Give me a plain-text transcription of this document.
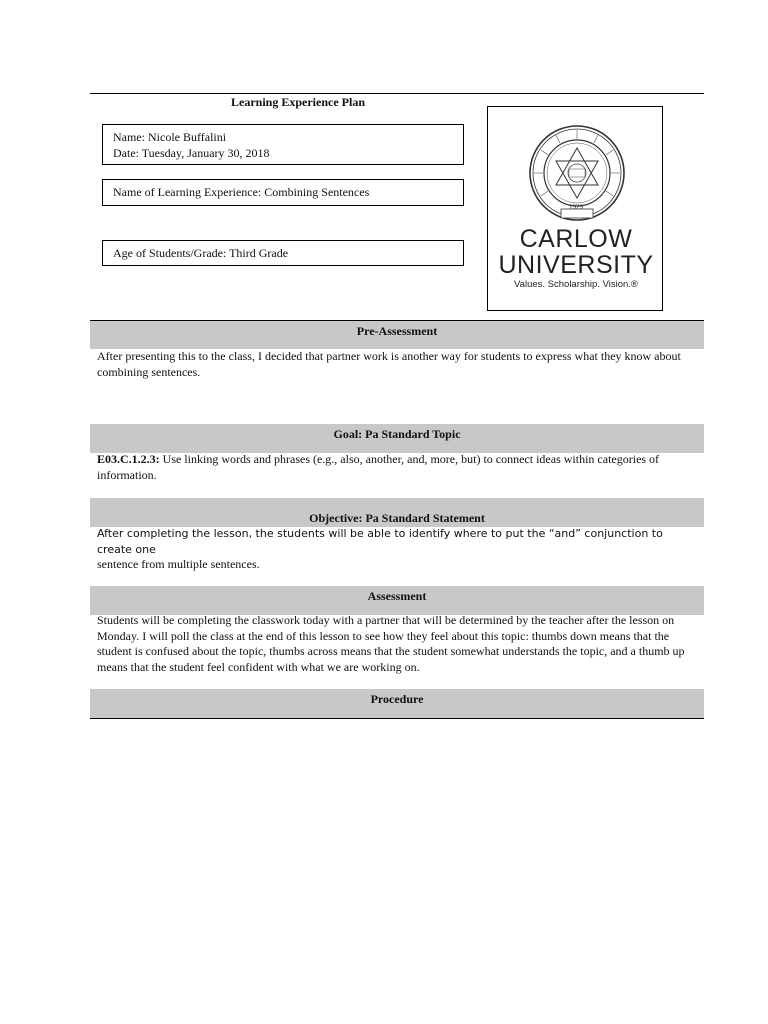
Learning Experience Plan
Name: Nicole Buffalini
Date: Tuesday, January 30, 2018
Name of Learning Experience: Combining Sentences
Age of Students/Grade: Third Grade
1929
CARLOW
UNIVERSITY
Values. Scholarship. Vision.®
Pre-Assessment
After presenting this to the class, I decided that partner work is another way for students to express what they know about combining sentences.
Goal: Pa Standard Topic
E03.C.1.2.3: Use linking words and phrases (e.g., also, another, and, more, but) to connect ideas within categories of information.
Objective: Pa Standard Statement
After completing the lesson, the students will be able to identify where to put the “and” conjunction to create one
sentence from multiple sentences.
Assessment
Students will be completing the classwork today with a partner that will be determined by the teacher after the lesson on Monday. I will poll the class at the end of this lesson to see how they feel about this topic: thumbs down means that the student is confused about the topic, thumbs across means that the student somewhat understands the topic, and a thumb up means that the student feel confident with what we are working on.
Procedure
